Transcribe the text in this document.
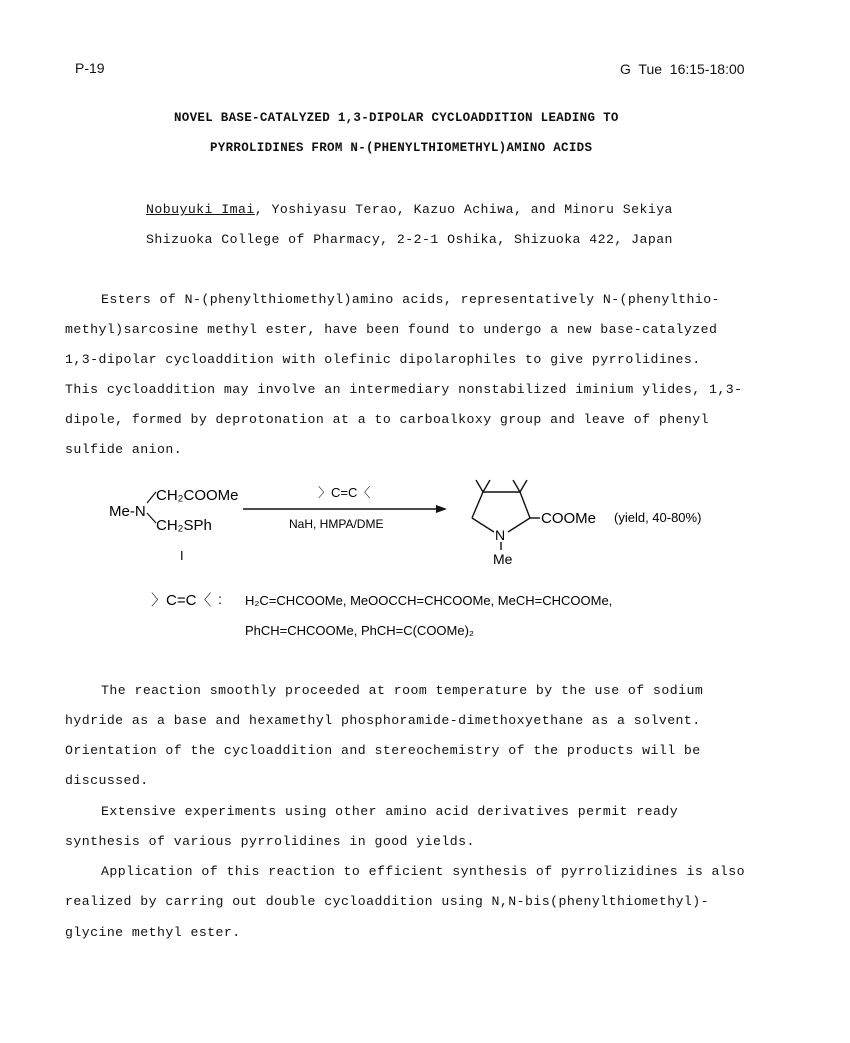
P-19	G  Tue  16:15-18:00
NOVEL BASE-CATALYZED 1,3-DIPOLAR CYCLOADDITION LEADING TO
PYRROLIDINES FROM N-(PHENYLTHIOMETHYL)AMINO ACIDS
Nobuyuki Imai, Yoshiyasu Terao, Kazuo Achiwa, and Minoru Sekiya
Shizuoka College of Pharmacy, 2-2-1 Oshika, Shizuoka 422, Japan
Esters of N-(phenylthiomethyl)amino acids, representatively N-(phenylthio-
methyl)sarcosine methyl ester, have been found to undergo a new base-catalyzed
1,3-dipolar cycloaddition with olefinic dipolarophiles to give pyrrolidines.
This cycloaddition may involve an intermediary nonstabilized iminium ylides, 1,3-
dipole, formed by deprotonation at a to carboalkoxy group and leave of phenyl
sulfide anion.
Me-N
CH₂COOMe
CH₂SPh
I
〉C=C〈
NaH, HMPA/DME	COOMe
N
Me
(yield, 40-80%)
〉C=C〈 : H₂C=CHCOOMe, MeOOCCH=CHCOOMe, MeCH=CHCOOMe,
PhCH=CHCOOMe, PhCH=C(COOMe)₂
The reaction smoothly proceeded at room temperature by the use of sodium
hydride as a base and hexamethyl phosphoramide-dimethoxyethane as a solvent.
Orientation of the cycloaddition and stereochemistry of the products will be
discussed.
Extensive experiments using other amino acid derivatives permit ready
synthesis of various pyrrolidines in good yields.
Application of this reaction to efficient synthesis of pyrrolizidines is also
realized by carring out double cycloaddition using N,N-bis(phenylthiomethyl)-
glycine methyl ester.
